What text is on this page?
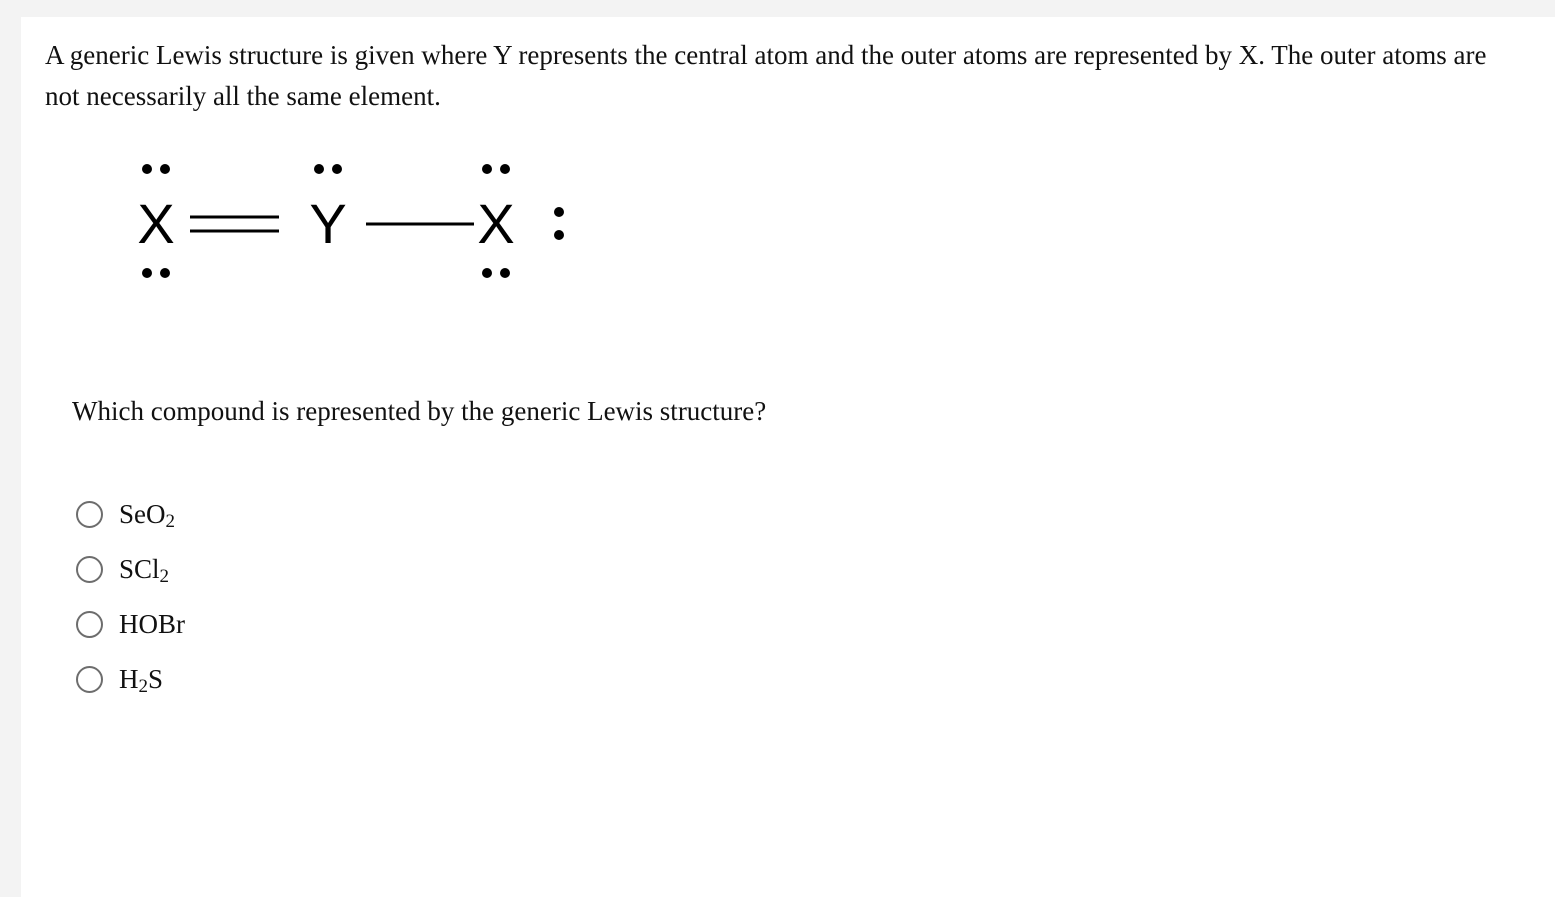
A generic Lewis structure is given where Y represents the central atom and the outer atoms are represented by X. The outer atoms are not necessarily all the same element.

X Y X

Which compound is represented by the generic Lewis structure?

SeO$_2$
SCl$_2$
HOBr
$H_2S$
